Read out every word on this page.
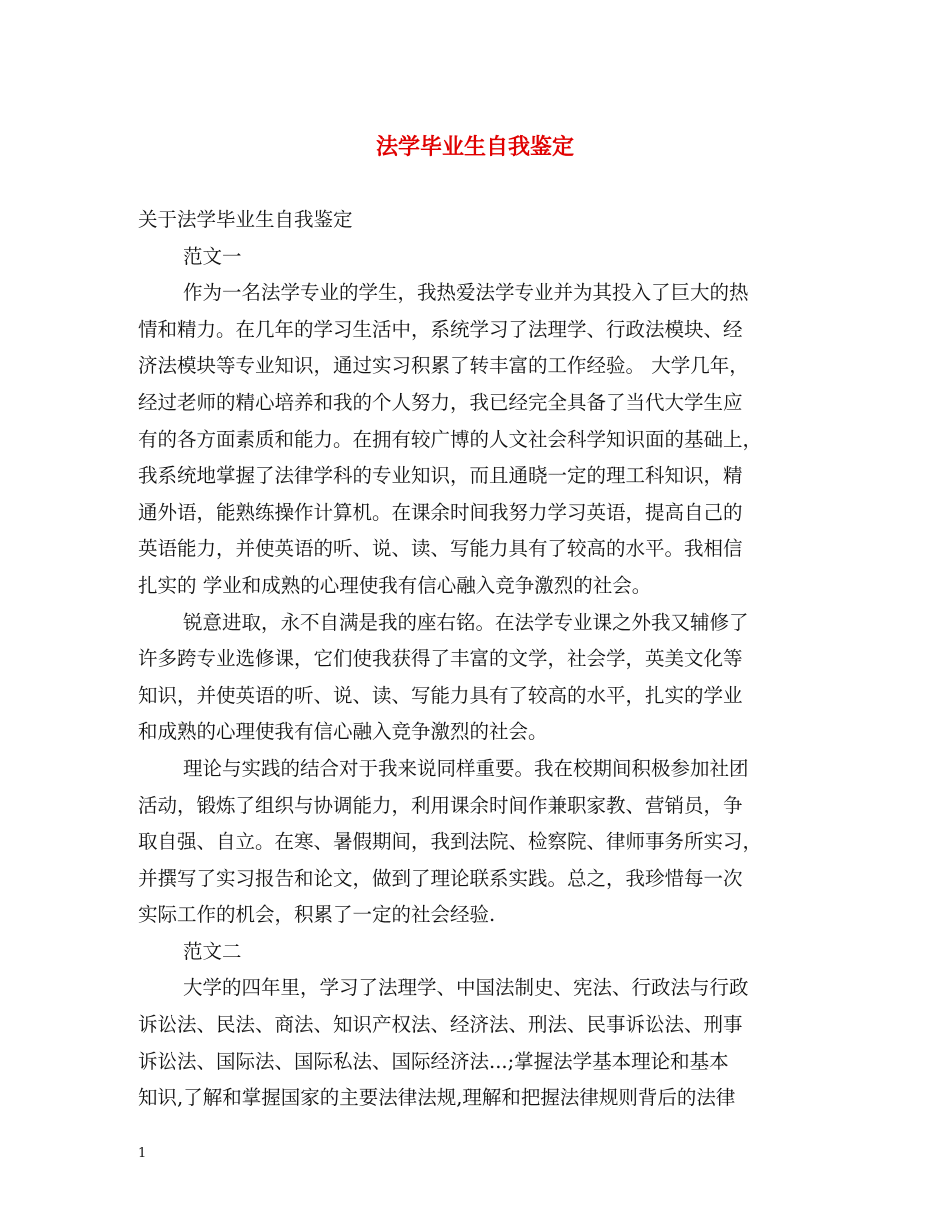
法学毕业生自我鉴定
关于法学毕业生自我鉴定
范文一
作为一名法学专业的学生，我热爱法学专业并为其投入了巨大的热
情和精力。在几年的学习生活中，系统学习了法理学、行政法模块、经
济法模块等专业知识，通过实习积累了转丰富的工作经验。 大学几年，
经过老师的精心培养和我的个人努力，我已经完全具备了当代大学生应
有的各方面素质和能力。在拥有较广博的人文社会科学知识面的基础上，
我系统地掌握了法律学科的专业知识，而且通晓一定的理工科知识，精
通外语，能熟练操作计算机。在课余时间我努力学习英语，提高自己的
英语能力，并使英语的听、说、读、写能力具有了较高的水平。我相信
扎实的 学业和成熟的心理使我有信心融入竞争激烈的社会。
锐意进取，永不自满是我的座右铭。在法学专业课之外我又辅修了
许多跨专业选修课，它们使我获得了丰富的文学，社会学，英美文化等
知识，并使英语的听、说、读、写能力具有了较高的水平，扎实的学业
和成熟的心理使我有信心融入竞争激烈的社会。
理论与实践的结合对于我来说同样重要。我在校期间积极参加社团
活动，锻炼了组织与协调能力，利用课余时间作兼职家教、营销员，争
取自强、自立。在寒、暑假期间，我到法院、检察院、律师事务所实习，
并撰写了实习报告和论文，做到了理论联系实践。总之，我珍惜每一次
实际工作的机会，积累了一定的社会经验.
范文二
大学的四年里，学习了法理学、中国法制史、宪法、行政法与行政
诉讼法、民法、商法、知识产权法、经济法、刑法、民事诉讼法、刑事
诉讼法、国际法、国际私法、国际经济法...;掌握法学基本理论和基本
知识,了解和掌握国家的主要法律法规,理解和把握法律规则背后的法律
1
